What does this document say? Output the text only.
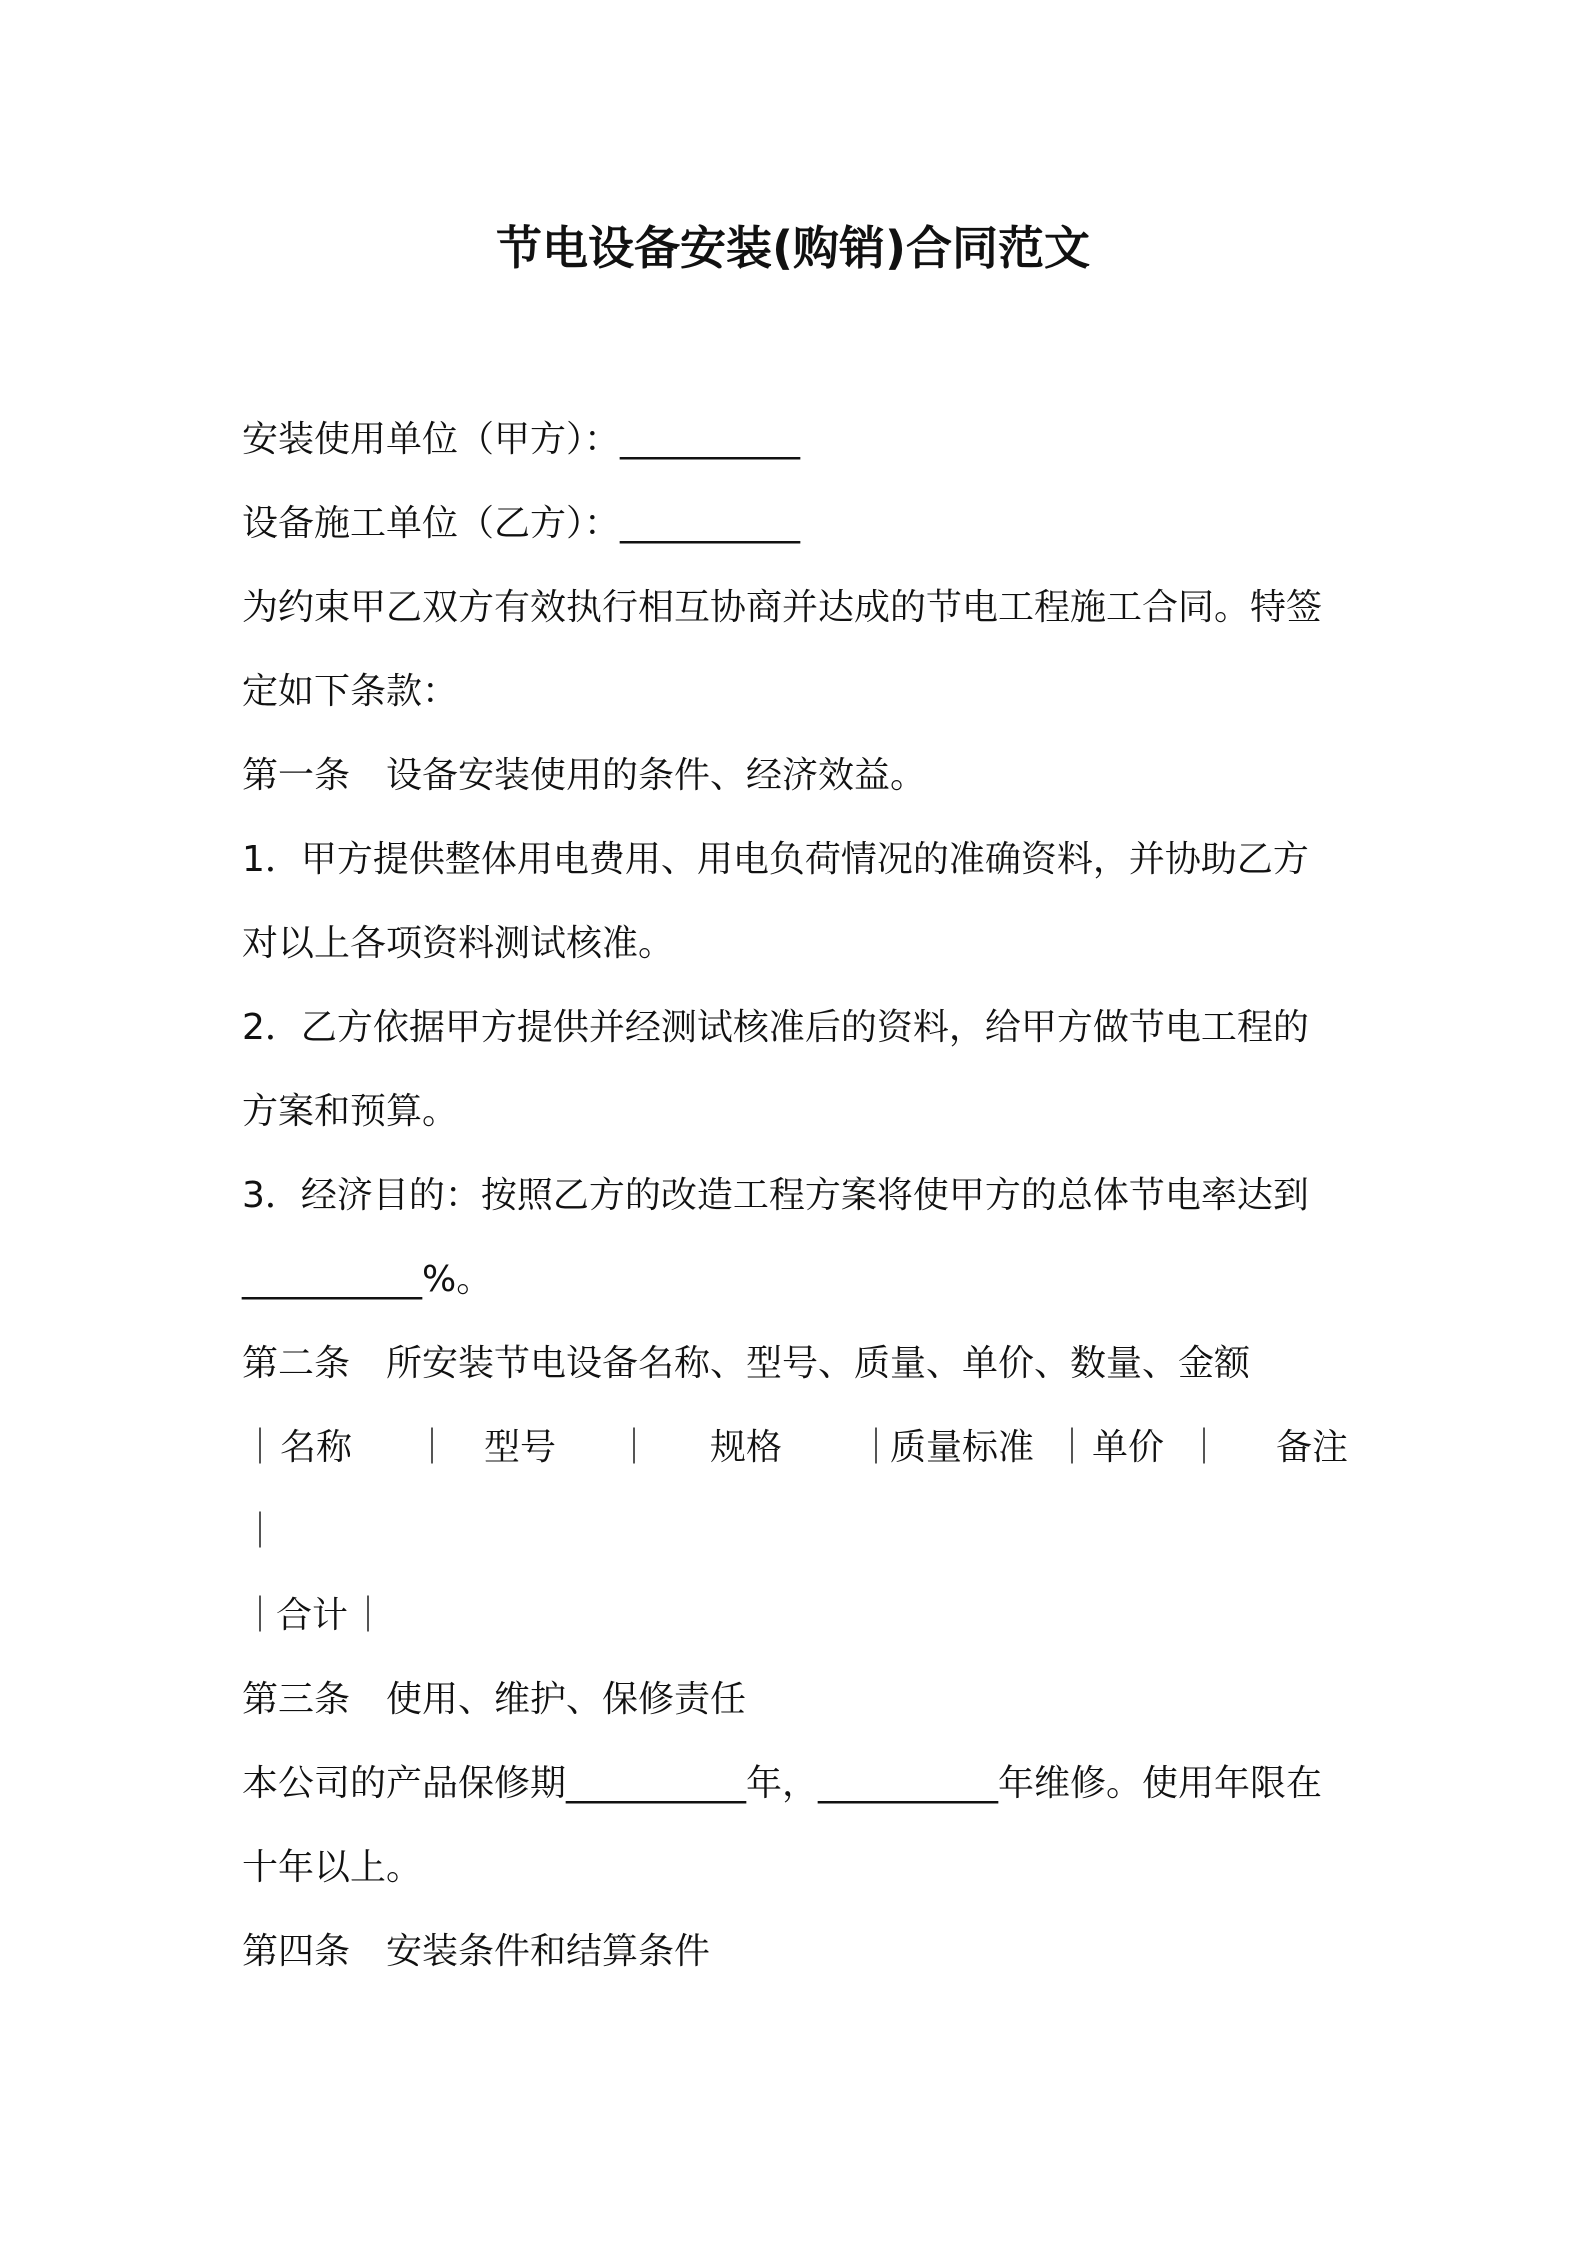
节电设备安装(购销)合同范文
安装使用单位（甲方）：__________
设备施工单位（乙方）：__________
为约束甲乙双方有效执行相互协商并达成的节电工程施工合同。特签
定如下条款：
第一条　设备安装使用的条件、经济效益。
1．甲方提供整体用电费用、用电负荷情况的准确资料，并协助乙方
对以上各项资料测试核准。
2．乙方依据甲方提供并经测试核准后的资料，给甲方做节电工程的
方案和预算。
3．经济目的：按照乙方的改造工程方案将使甲方的总体节电率达到
__________%。
第二条　所安装节电设备名称、型号、质量、单价、数量、金额
｜ 名称 ｜ 型号 ｜ 规格 ｜
质量标准 ｜ 单价 ｜ 备注
｜
｜
合计 ｜
第三条　使用、维护、保修责任
本公司的产品保修期__________年，__________年维修。使用年限在
十年以上。
第四条　安装条件和结算条件
